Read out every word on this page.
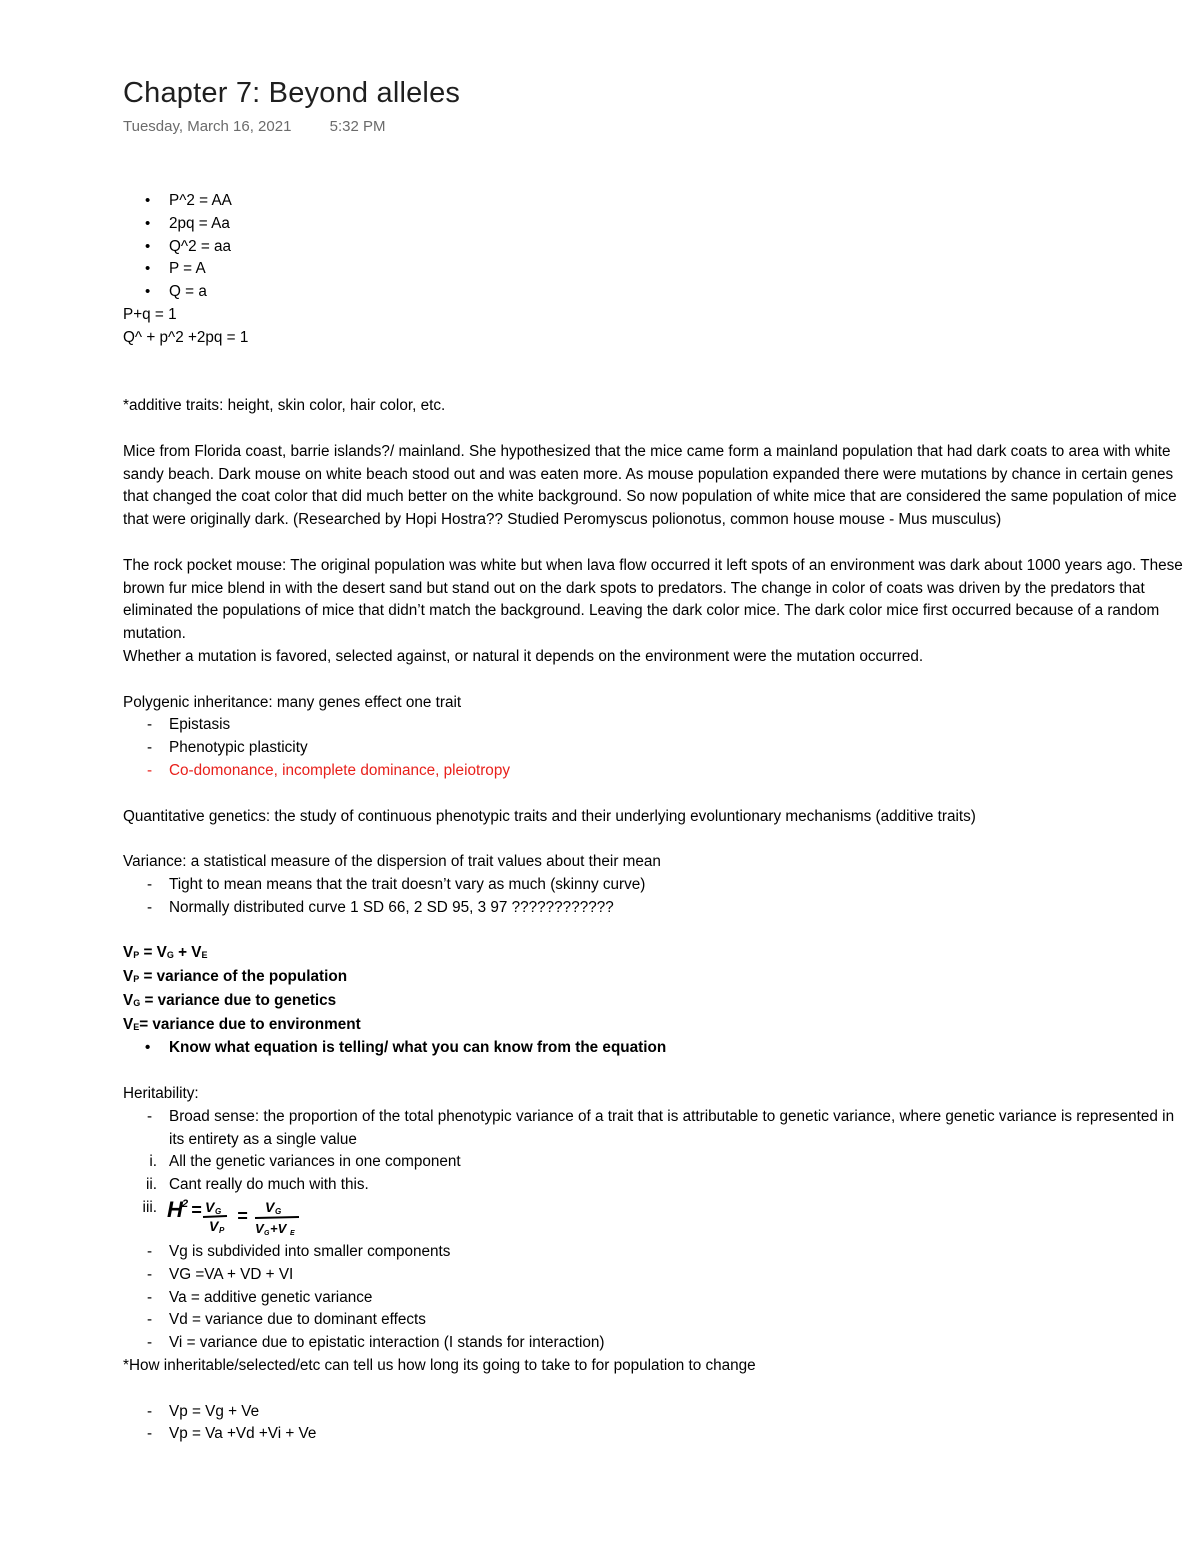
Chapter 7: Beyond alleles
Tuesday, March 16, 2021	5:32 PM
• P^2 = AA
• 2pq = Aa
• Q^2 = aa
• P = A
• Q = a
P+q = 1
Q^ + p^2 +2pq = 1
*additive traits: height, skin color, hair color, etc.
Mice from Florida coast, barrie islands?/ mainland. She hypothesized that the mice came form a mainland population that had dark coats to area with white sandy beach. Dark mouse on white beach stood out and was eaten more. As mouse population expanded there were mutations by chance in certain genes that changed the coat color that did much better on the white background. So now population of white mice that are considered the same population of mice that were originally dark. (Researched by Hopi Hostra?? Studied Peromyscus polionotus, common house mouse - Mus musculus)
The rock pocket mouse: The original population was white but when lava flow occurred it left spots of an environment was dark about 1000 years ago. These brown fur mice blend in with the desert sand but stand out on the dark spots to predators. The change in color of coats was driven by the predators that eliminated the populations of mice that didn’t match the background. Leaving the dark color mice. The dark color mice first occurred because of a random mutation.
Whether a mutation is favored, selected against, or natural it depends on the environment were the mutation occurred.
Polygenic inheritance: many genes effect one trait
- Epistasis
- Phenotypic plasticity
- Co-domonance, incomplete dominance, pleiotropy
Quantitative genetics: the study of continuous phenotypic traits and their underlying evoluntionary mechanisms (additive traits)
Variance: a statistical measure of the dispersion of trait values about their mean
- Tight to mean means that the trait doesn’t vary as much (skinny curve)
- Normally distributed curve 1 SD 66, 2 SD 95, 3 97 ????????????
$V_P = V_G + V_E$
$V_P$ = variance of the population
$V_G$ = variance due to genetics
$V_E=$ variance due to environment
• Know what equation is telling/ what you can know from the equation
Heritability:
- Broad sense: the proportion of the total phenotypic variance of a trait that is attributable to genetic variance, where genetic variance is represented in its entirety as a single value
i. All the genetic variances in one component
ii. Cant really do much with this.
iii. H 2 = V G
V P
= V G
V G +V E
- Vg is subdivided into smaller components
- VG =VA + VD + VI
- Va = additive genetic variance
- Vd = variance due to dominant effects
- Vi = variance due to epistatic interaction (I stands for interaction)
*How inheritable/selected/etc can tell us how long its going to take to for population to change
- Vp = Vg + Ve
- Vp = Va +Vd +Vi + Ve
